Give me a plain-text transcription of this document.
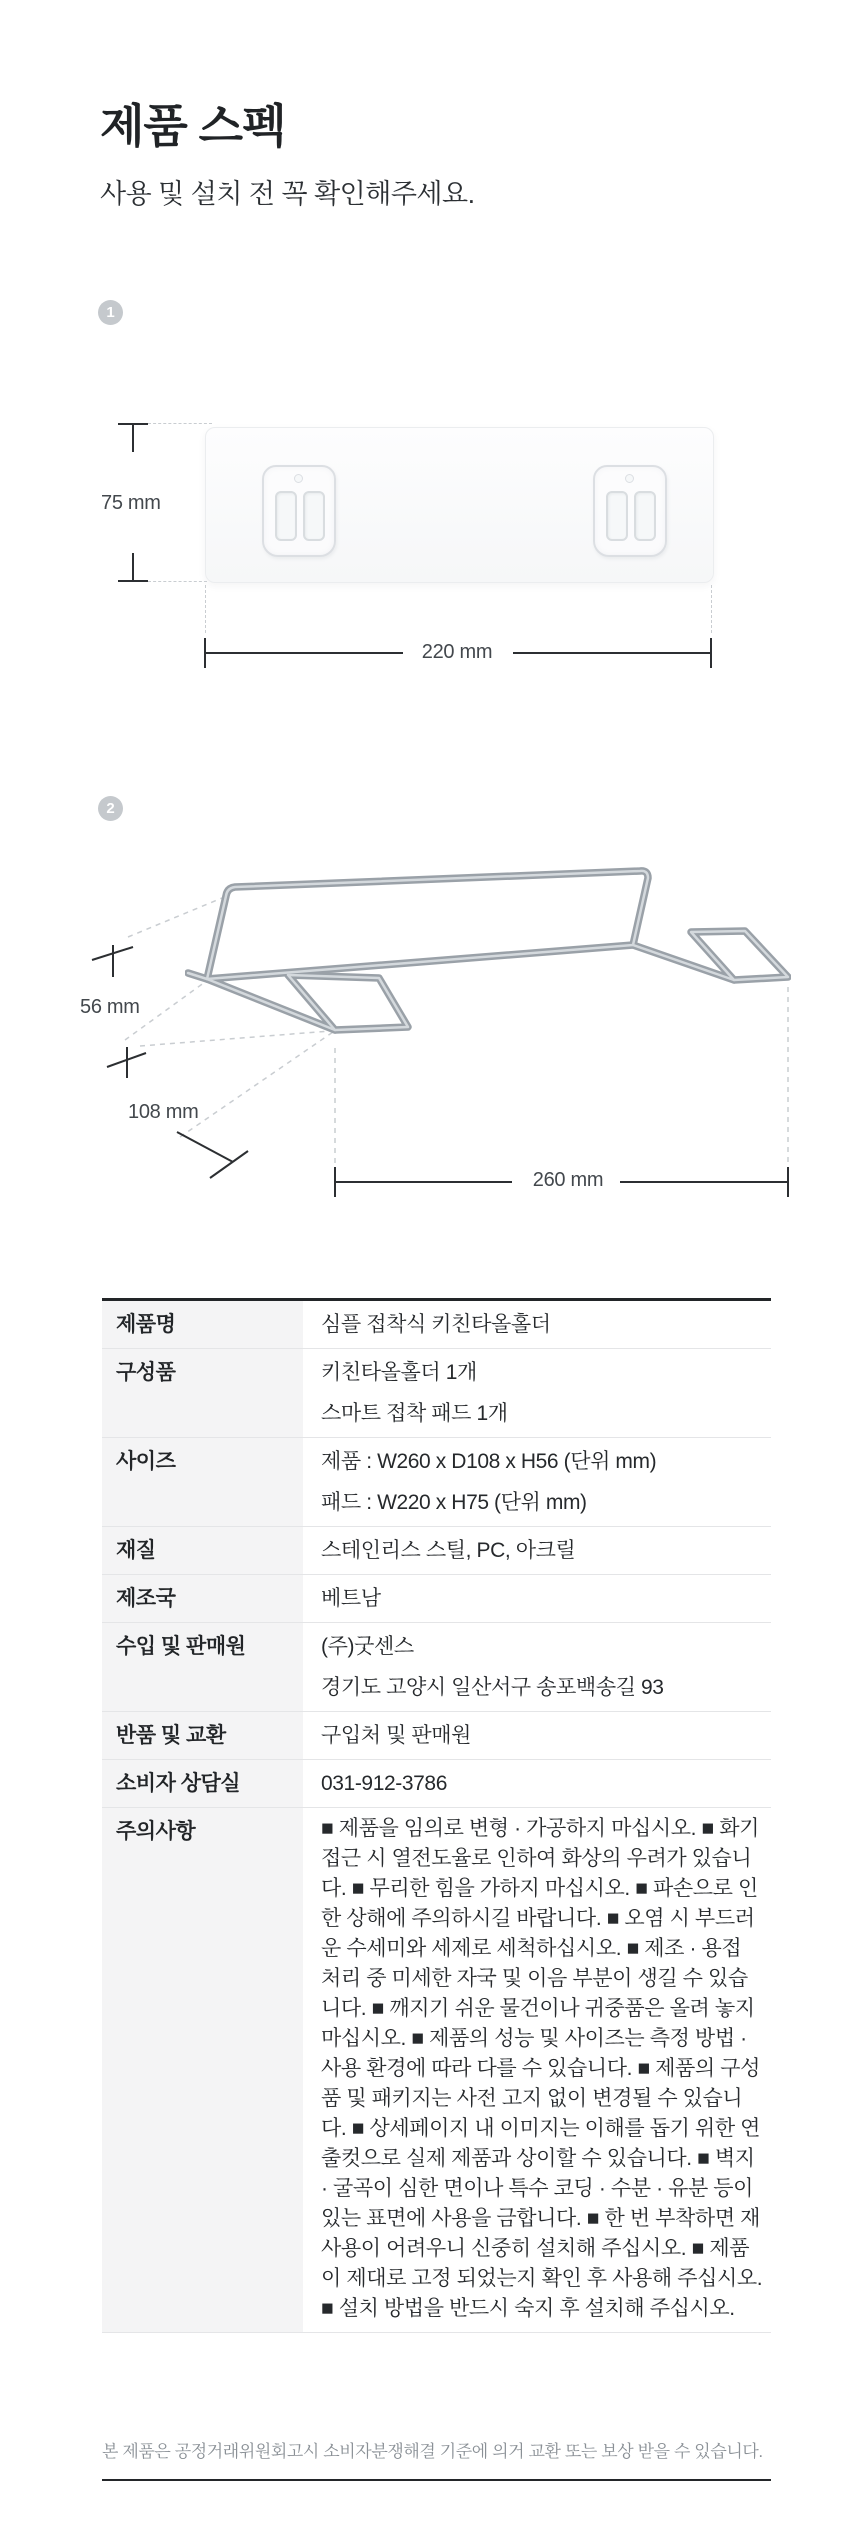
제품 스펙
사용 및 설치 전 꼭 확인해주세요.
1
75 mm
220 mm
2
56 mm
108 mm
260 mm
제품명	심플 접착식 키친타올홀더
구성품	키친타올홀더 1개
스마트 접착 패드 1개
사이즈	제품 : W260 x D108 x H56 (단위 mm)
패드 : W220 x H75 (단위 mm)
재질	스테인리스 스틸, PC, 아크릴
제조국	베트남
수입 및 판매원	(주)굿센스
경기도 고양시 일산서구 송포백송길 93
반품 및 교환	구입처 및 판매원
소비자 상담실	031-912-3786
주의사항	■ 제품을 임의로 변형 · 가공하지 마십시오. ■ 화기 접근 시 열전도율로 인하여 화상의 우려가 있습니다. ■ 무리한 힘을 가하지 마십시오. ■ 파손으로 인한 상해에 주의하시길 바랍니다. ■ 오염 시 부드러운 수세미와 세제로 세척하십시오. ■ 제조 · 용접 처리 중 미세한 자국 및 이음 부분이 생길 수 있습니다. ■ 깨지기 쉬운 물건이나 귀중품은 올려 놓지 마십시오. ■ 제품의 성능 및 사이즈는 측정 방법 · 사용 환경에 따라 다를 수 있습니다. ■ 제품의 구성품 및 패키지는 사전 고지 없이 변경될 수 있습니다. ■ 상세페이지 내 이미지는 이해를 돕기 위한 연출컷으로 실제 제품과 상이할 수 있습니다. ■ 벽지 · 굴곡이 심한 면이나 특수 코딩 · 수분 · 유분 등이 있는 표면에 사용을 금합니다. ■ 한 번 부착하면 재사용이 어려우니 신중히 설치해 주십시오. ■ 제품이 제대로 고정 되었는지 확인 후 사용해 주십시오. ■ 설치 방법을 반드시 숙지 후 설치해 주십시오.
본 제품은 공정거래위원회고시 소비자분쟁해결 기준에 의거 교환 또는 보상 받을 수 있습니다.
